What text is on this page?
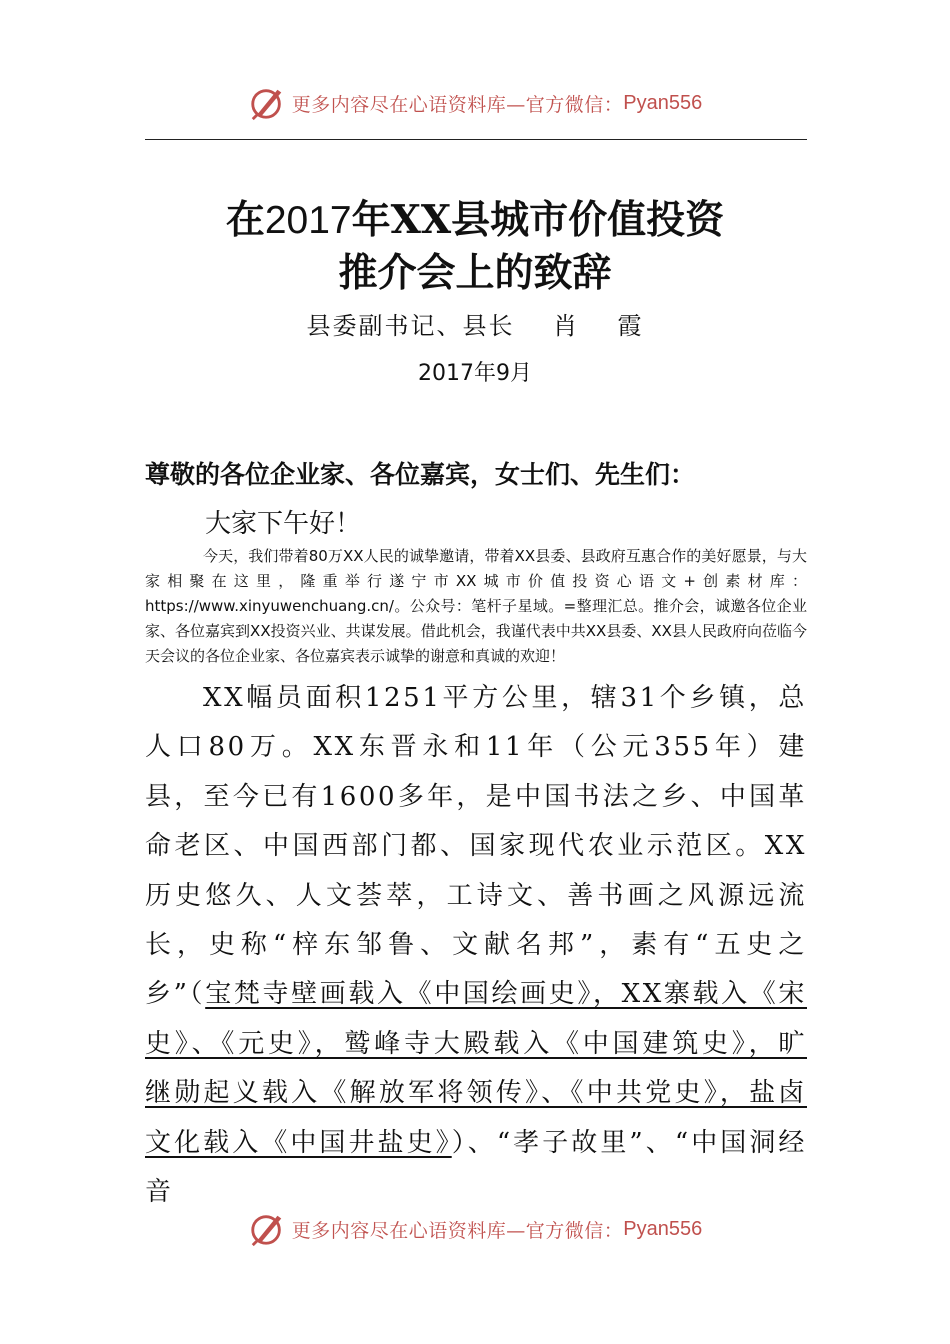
更多内容尽在心语资料库—官方微信： Pyan556
在2017年XX县城市价值投资
推介会上的致辞
县委副书记、县长    肖    霞
2017年9月
尊敬的各位企业家、各位嘉宾，女士们、先生们：
大家下午好！
今天，我们带着80万XX人民的诚挚邀请，带着XX县委、县政府互惠合作的美好愿景，与大家相聚在这里，隆重举行遂宁市XX城市价值投资心语文+创素材库：https://www.xinyuwenchuang.cn/。公众号：笔杆子星域。=整理汇总。推介会，诚邀各位企业家、各位嘉宾到XX投资兴业、共谋发展。借此机会，我谨代表中共XX县委、XX县人民政府向莅临今天会议的各位企业家、各位嘉宾表示诚挚的谢意和真诚的欢迎！
XX幅员面积1251平方公里，辖31个乡镇，总人口80万。XX东晋永和11年（公元355年）建县，至今已有1600多年，是中国书法之乡、中国革命老区、中国西部门都、国家现代农业示范区。XX历史悠久、人文荟萃，工诗文、善书画之风源远流长，史称“梓东邹鲁、文献名邦”，素有“五史之乡”（宝梵寺壁画载入《中国绘画史》，XX寨载入《宋史》、《元史》，鹫峰寺大殿载入《中国建筑史》，旷继勋起义载入《解放军将领传》、《中共党史》，盐卤文化载入《中国井盐史》）、“孝子故里”、“中国洞经音
更多内容尽在心语资料库—官方微信： Pyan556
